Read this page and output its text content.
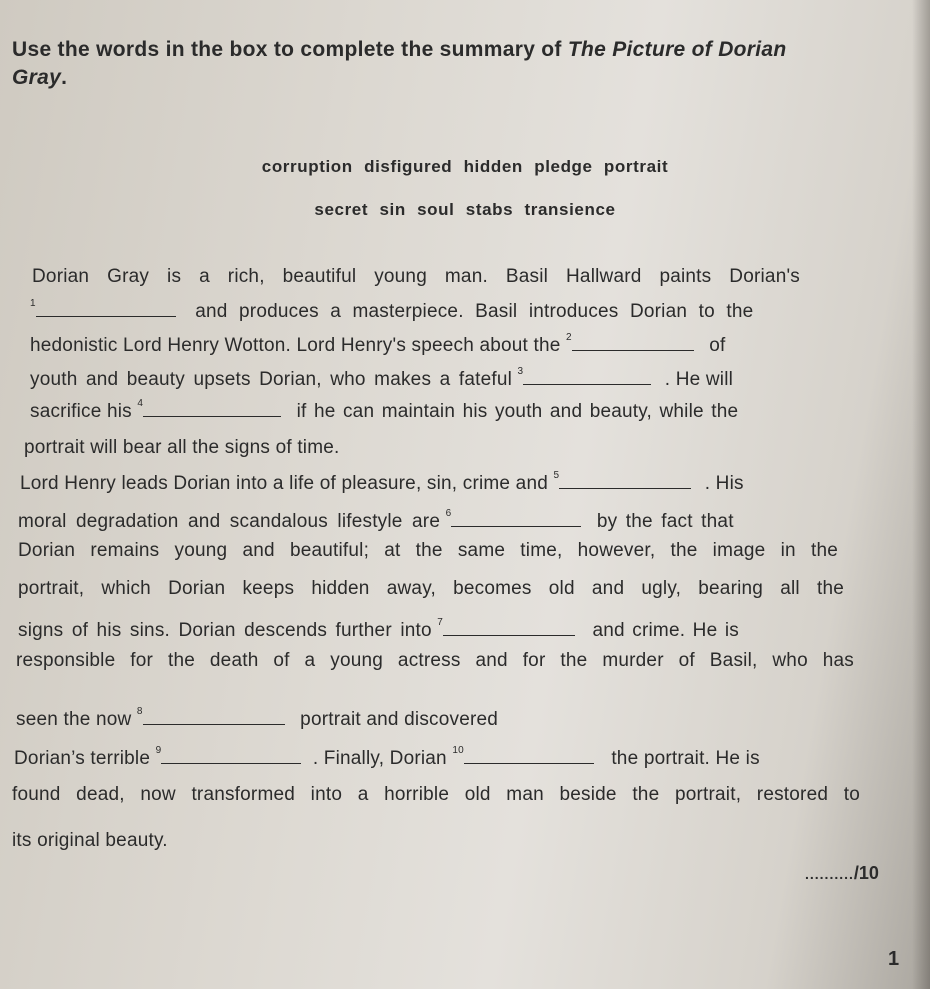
Use the words in the box to complete the summary of The Picture of Dorian Gray.
corruption disfigured hidden pledge portrait
secret sin soul stabs transience
Dorian Gray is a rich, beautiful young man. Basil Hallward paints Dorian's
$^1$	and produces a masterpiece. Basil introduces Dorian to the
hedonistic Lord Henry Wotton. Lord Henry's speech about the $^2$	of
youth and beauty upsets Dorian, who makes a fateful $^3$	. He will
sacrifice his $^4$	if he can maintain his youth and beauty, while the
portrait will bear all the signs of time.
Lord Henry leads Dorian into a life of pleasure, sin, crime and $^5$	. His
moral degradation and scandalous lifestyle are $^6$	by the fact that
Dorian remains young and beautiful; at the same time, however, the image in the
portrait, which Dorian keeps hidden away, becomes old and ugly, bearing all the
signs of his sins. Dorian descends further into $^7$	and crime. He is
responsible for the death of a young actress and for the murder of Basil, who has
seen the now $^8$	portrait and discovered
Dorian’s terrible $^9$	. Finally, Dorian $^{10}$	the portrait. He is
found dead, now transformed into a horrible old man beside the portrait, restored to
its original beauty.
........../10
1
